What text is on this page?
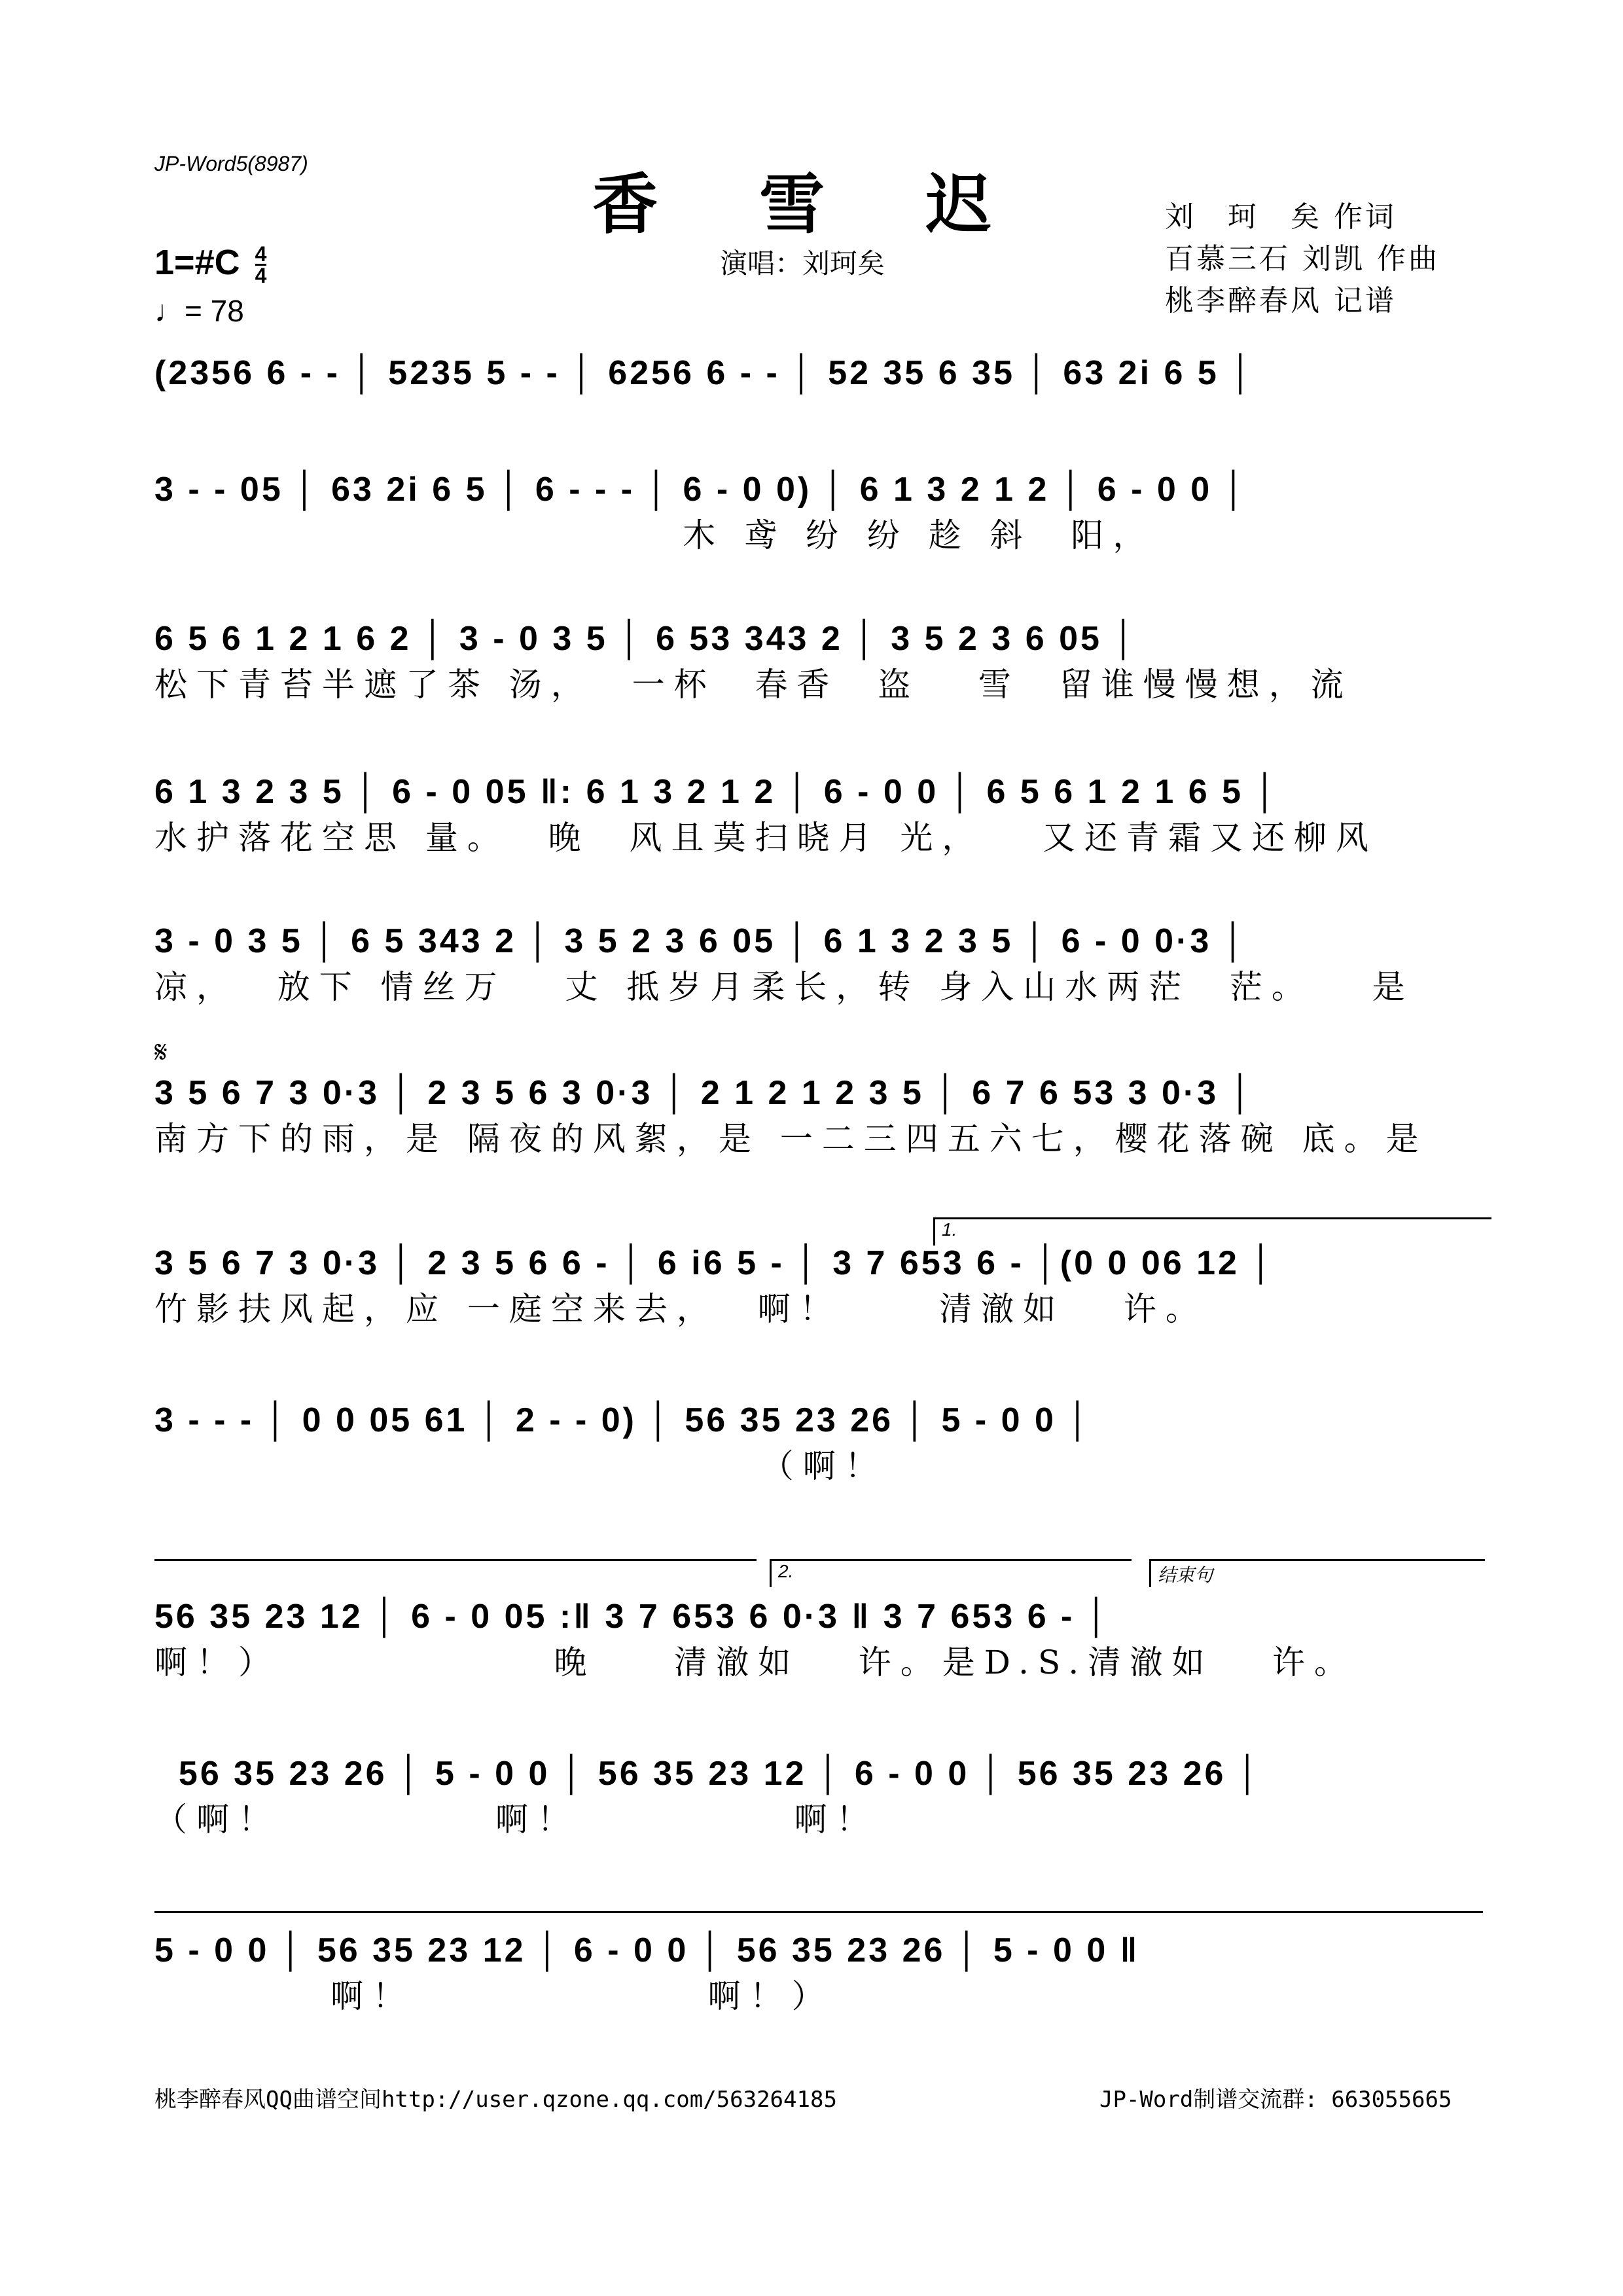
JP-Word5(8987)
香 雪 迟
演唱：刘珂矣
刘　珂　矣 作词
百慕三石 刘凯 作曲
桃李醉春风 记谱
1=#C $\frac{4}{4}$
♩= 78
(2356 6 - - │ 5235 5 - - │ 6256 6 - - │ 52 35 6 35 │ 63 2i 6 5 │
3 - - 05 │ 63 2i 6 5 │ 6 - - - │ 6 - 0 0) │ 6 1 3 2 1 2 │ 6 - 0 0 │
木 鸢 纷 纷 趁 斜  阳，
6 5 6 1 2 1 6 2 │ 3 - 0 3 5 │ 6 53 343 2 │ 3 5 2 3 6 05 │
松下青苔半遮了茶 汤，  一杯  春香  盗   雪  留谁慢慢想，流
6 1 3 2 3 5 │ 6 - 0 05 ‖: 6 1 3 2 1 2 │ 6 - 0 0 │ 6 5 6 1 2 1 6 5 │
水护落花空思 量。  晚  风且莫扫晓月 光，   又还青霜又还柳风
3 - 0 3 5 │ 6 5 343 2 │ 3 5 2 3 6 05 │ 6 1 3 2 3 5 │ 6 - 0 0·3 │
凉，  放下 情丝万   丈 抵岁月柔长，转 身入山水两茫  茫。   是
𝄋
3 5 6 7 3 0·3 │ 2 3 5 6 3 0·3 │ 2 1 2 1 2 3 5 │ 6 7 6 53 3 0·3 │
南方下的雨，是 隔夜的风絮，是 一二三四五六七，樱花落碗 底。是
1.
3 5 6 7 3 0·3 │ 2 3 5 6 6 - │ 6 i6 5 - │ 3 7 653 6 - │(0 0 06 12 │
竹影扶风起，应 一庭空来去，  啊！     清澈如   许。
3 - - - │ 0 0 05 61 │ 2 - - 0) │ 56 35 23 26 │ 5 - 0 0 │
（啊！
2.	结束句
56 35 23 12 │ 6 - 0 05 :‖ 3 7 653 6 0·3 ‖ 3 7 653 6 - │
啊！）              晚    清澈如   许。是D.S.清澈如   许。
56 35 23 26 │ 5 - 0 0 │ 56 35 23 12 │ 6 - 0 0 │ 56 35 23 26 │
（啊！           啊！           啊！
5 - 0 0 │ 56 35 23 12 │ 6 - 0 0 │ 56 35 23 26 │ 5 - 0 0 ‖
啊！               啊！）
桃李醉春风QQ曲谱空间http://user.qzone.qq.com/563264185	JP-Word制谱交流群: 663055665
